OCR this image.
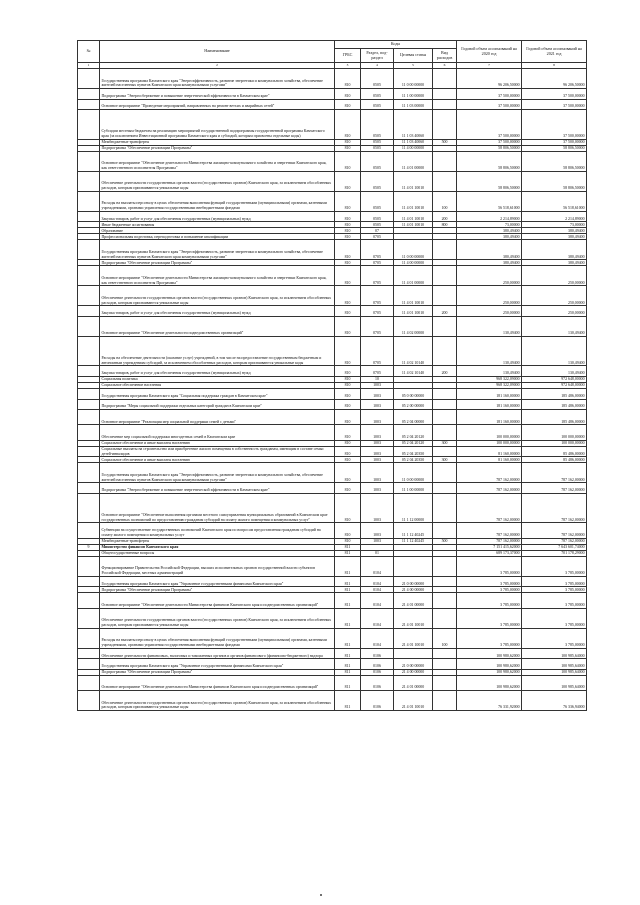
№	Наименование	Коды				Годовой объем ассигнований на 2020 год	Годовой объем ассигнований на 2021 год
		ГРБС	Раздел, под-раздел	Целевая статья	Вид расходов		
1	2	3	4	5	6	7	8
	Государственная программа Камчатского края "Энергоэффективность, развитие энергетики и коммунального хозяйства, обеспечение жителей населенных пунктов Камчатского края коммунальными услугами"	810	0505	11 0 00 00000		96 206,50000	96 206,50000
	Подпрограмма "Энергосбережение и повышение энергетической эффективности в Камчатском крае"	810	0505	11 1 00 00000		37 500,00000	37 500,00000
	Основное мероприятие "Проведение мероприятий, направленных на ремонт ветхих и аварийных сетей"	810	0505	11 1 03 00000		37 500,00000	37 500,00000
	Субсидии местным бюджетам на реализацию мероприятий государственной подпрограммы государственной программы Камчатского края (за исключением Инвестиционной программы Камчатского края и субсидий, которым присвоены отдельные коды)	810	0505	11 1 03 40060		37 500,00000	37 500,00000
	Межбюджетные трансферты	810	0505	11 1 03 40060	500	37 500,00000	37 500,00000
	Подпрограмма "Обеспечение реализации Программы"	810	0505	11 4 00 00000		58 806,50000	58 806,50000
	Основное мероприятие "Обеспечение деятельности Министерства жилищно-коммунального хозяйства и энергетики Камчатского края, как ответственного исполнителя Программы"	810	0505	11 4 01 00000		58 806,50000	58 806,50000
	Обеспечение деятельности государственных органов власти (государственных органов) Камчатского края, за исключением обособленных расходов, которым присваиваются уникальные коды	810	0505	11 4 01 10010		58 806,50000	58 806,50000
	Расходы на выплаты персоналу в целях обеспечения выполнения функций государственными (муниципальными) органами, казенными учреждениями, органами управления государственными внебюджетными фондами	810	0505	11 4 01 10010	100	56 518,61000	56 518,61000
	Закупка товаров, работ и услуг для обеспечения государственных (муниципальных) нужд	810	0505	11 4 01 10010	200	2 214,89000	2 214,89000
	Иные бюджетные ассигнования	810	0505	11 4 01 10010	800	73,00000	73,00000
	Образование	810	07			380,49400	380,49400
	Профессиональная подготовка, переподготовка и повышение квалификации	810	0705			380,49400	380,49400
	Государственная программа Камчатского края "Энергоэффективность, развитие энергетики и коммунального хозяйства, обеспечение жителей населенных пунктов Камчатского края коммунальными услугами"	810	0705	11 0 00 00000		380,49400	380,49400
	Подпрограмма "Обеспечение реализации Программы"	810	0705	11 4 00 00000		380,49400	380,49400
	Основное мероприятие "Обеспечение деятельности Министерства жилищно-коммунального хозяйства и энергетики Камчатского края, как ответственного исполнителя Программы"	810	0705	11 4 01 00000		250,00000	250,00000
	Обеспечение деятельности государственных органов власти (государственных органов) Камчатского края, за исключением обособленных расходов, которым присваиваются уникальные коды	810	0705	11 4 01 10010		250,00000	250,00000
	Закупка товаров, работ и услуг для обеспечения государственных (муниципальных) нужд	810	0705	11 4 01 10010	200	250,00000	250,00000
	Основное мероприятие "Обеспечение деятельности подведомственных организаций"	810	0705	11 4 02 00000		130,49400	130,49400
	Расходы на обеспечение деятельности (оказание услуг) учреждений, в том числе на предоставление государственным бюджетным и автономным учреждениям субсидий, за исключением обособленных расходов, которым присваиваются уникальные коды	810	0705	11 4 02 10140		130,49400	130,49400
	Закупка товаров, работ и услуг для обеспечения государственных (муниципальных) нужд	810	0705	11 4 02 10140	200	130,49400	130,49400
	Социальная политика	810	10			968 322,09000	972 648,00000
	Социальное обеспечение населения	810	1003			968 322,09000	972 648,00000
	Государственная программа Камчатского края "Социальная поддержка граждан в Камчатском крае"	810	1003	05 0 00 00000		181 160,00000	185 486,00000
	Подпрограмма "Меры социальной поддержки отдельных категорий граждан в Камчатском крае"	810	1003	05 2 00 00000		181 160,00000	185 486,00000
	Основное мероприятие "Реализация мер социальной поддержки семей с детьми"	810	1003	05 2 04 00000		181 160,00000	185 486,00000
	Обеспечение мер социальной поддержки многодетных семей в Камчатском крае	810	1003	05 2 04 20120		100 000,00000	100 000,00000
	Социальное обеспечение и иные выплаты населению	810	1003	05 2 04 20120	300	100 000,00000	100 000,00000
	Социальные выплаты на строительство или приобретение жилого помещения в собственность гражданам, имеющим в составе семьи детей-инвалидов	810	1003	05 2 04 20350		81 160,00000	85 486,00000
	Социальное обеспечение и иные выплаты населению	810	1003	05 2 04 20350	300	81 160,00000	85 486,00000
	Государственная программа Камчатского края "Энергоэффективность, развитие энергетики и коммунального хозяйства, обеспечение жителей населенных пунктов Камчатского края коммунальными услугами"	810	1003	11 0 00 00000		787 162,00000	787 162,00000
	Подпрограмма "Энергосбережение и повышение энергетической эффективности в Камчатском крае"	810	1003	11 1 00 00000		787 162,00000	787 162,00000
	Основное мероприятие "Обеспечение выполнения органами местного самоуправления муниципальных образований в Камчатском крае государственных полномочий по предоставлению гражданам субсидий на оплату жилого помещения и коммунальных услуг"	810	1003	11 1 12 00000		787 162,00000	787 162,00000
	Субвенции на осуществление государственных полномочий Камчатского края по вопросам предоставления гражданам субсидий на оплату жилого помещения и коммунальных услуг	810	1003	11 1 12 40245		787 162,00000	787 162,00000
	Межбюджетные трансферты	810	1003	11 1 12 40245	500	787 162,00000	787 162,00000
9	Министерство финансов Камчатского края	811				7 151 415,62000	7 643 601,74000
	Общегосударственные вопросы	811	01			689 173,37000	701 178,29000
	Функционирование Правительства Российской Федерации, высших исполнительных органов государственной власти субъектов Российской Федерации, местных администраций	811	0104			3 785,00000	3 785,00000
	Государственная программа Камчатского края "Управление государственными финансами Камчатского края"	811	0104	21 0 00 00000		3 785,00000	3 785,00000
	Подпрограмма "Обеспечение реализации Программы"	811	0104	21 4 00 00000		3 785,00000	3 785,00000
	Основное мероприятие "Обеспечение деятельности Министерства финансов Камчатского края и подведомственных организаций"	811	0104	21 4 01 00000		3 785,00000	3 785,00000
	Обеспечение деятельности государственных органов власти (государственных органов) Камчатского края, за исключением обособленных расходов, которым присваиваются уникальные коды	811	0104	21 4 01 10010		3 785,00000	3 785,00000
	Расходы на выплаты персоналу в целях обеспечения выполнения функций государственными (муниципальными) органами, казенными учреждениями, органами управления государственными внебюджетными фондами	811	0104	21 4 01 10010	100	3 785,00000	3 785,00000
	Обеспечение деятельности финансовых, налоговых и таможенных органов и органов финансового (финансово-бюджетного) надзора	811	0106			100 980,62000	100 985,64000
	Государственная программа Камчатского края "Управление государственными финансами Камчатского края"	811	0106	21 0 00 00000		100 980,62000	100 985,64000
	Подпрограмма "Обеспечение реализации Программы"	811	0106	21 4 00 00000		100 980,62000	100 985,64000
	Основное мероприятие "Обеспечение деятельности Министерства финансов Камчатского края и подведомственных организаций"	811	0106	21 4 01 00000		100 980,62000	100 985,64000
	Обеспечение деятельности государственных органов власти (государственных органов) Камчатского края, за исключением обособленных расходов, которым присваиваются уникальные коды	811	0106	21 4 01 10010		76 331,92000	76 336,94000
